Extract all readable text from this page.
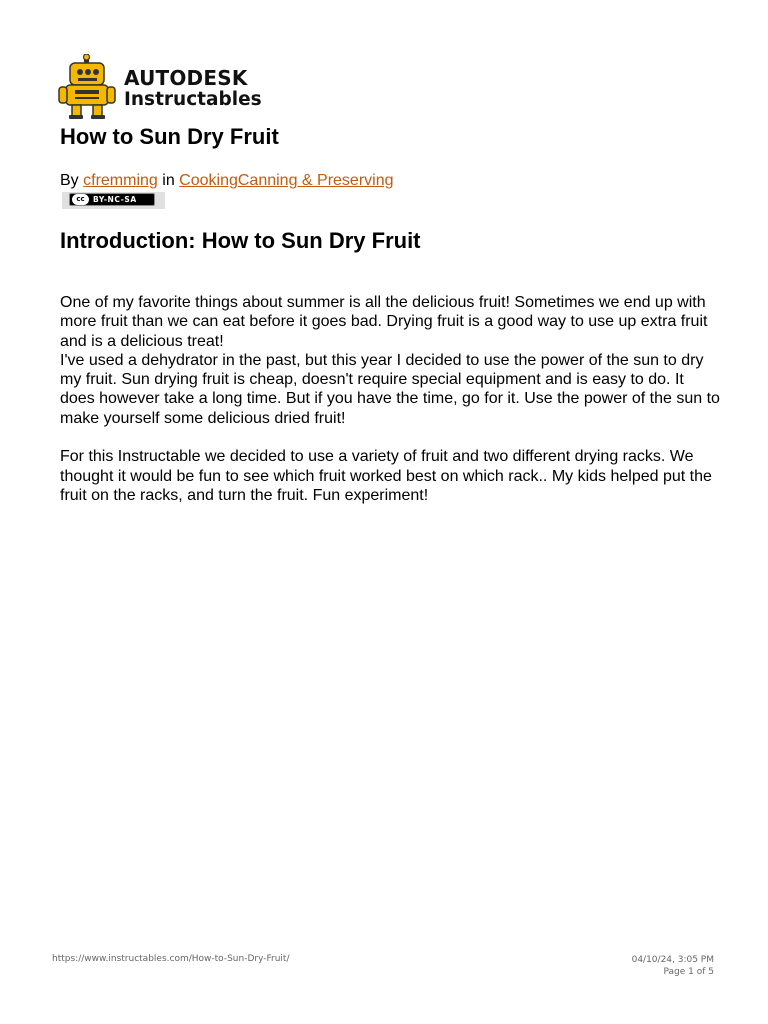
AUTODESK
Instructables
How to Sun Dry Fruit
By cfremming in CookingCanning & Preserving
cc	BY-NC-SA
Introduction: How to Sun Dry Fruit

One of my favorite things about summer is all the delicious fruit! Sometimes we end up with more fruit than we can eat before it goes bad. Drying fruit is a good way to use up extra fruit and is a delicious treat!

I've used a dehydrator in the past, but this year I decided to use the power of the sun to dry my fruit. Sun drying fruit is cheap, doesn't require special equipment and is easy to do. It does however take a long time. But if you have the time, go for it. Use the power of the sun to make yourself some delicious dried fruit!

For this Instructable we decided to use a variety of fruit and two different drying racks. We thought it would be fun to see which fruit worked best on which rack.. My kids helped put the fruit on the racks, and turn the fruit. Fun experiment!

https://www.instructables.com/How-to-Sun-Dry-Fruit/	04/10/24, 3:05 PM
Page 1 of 5
